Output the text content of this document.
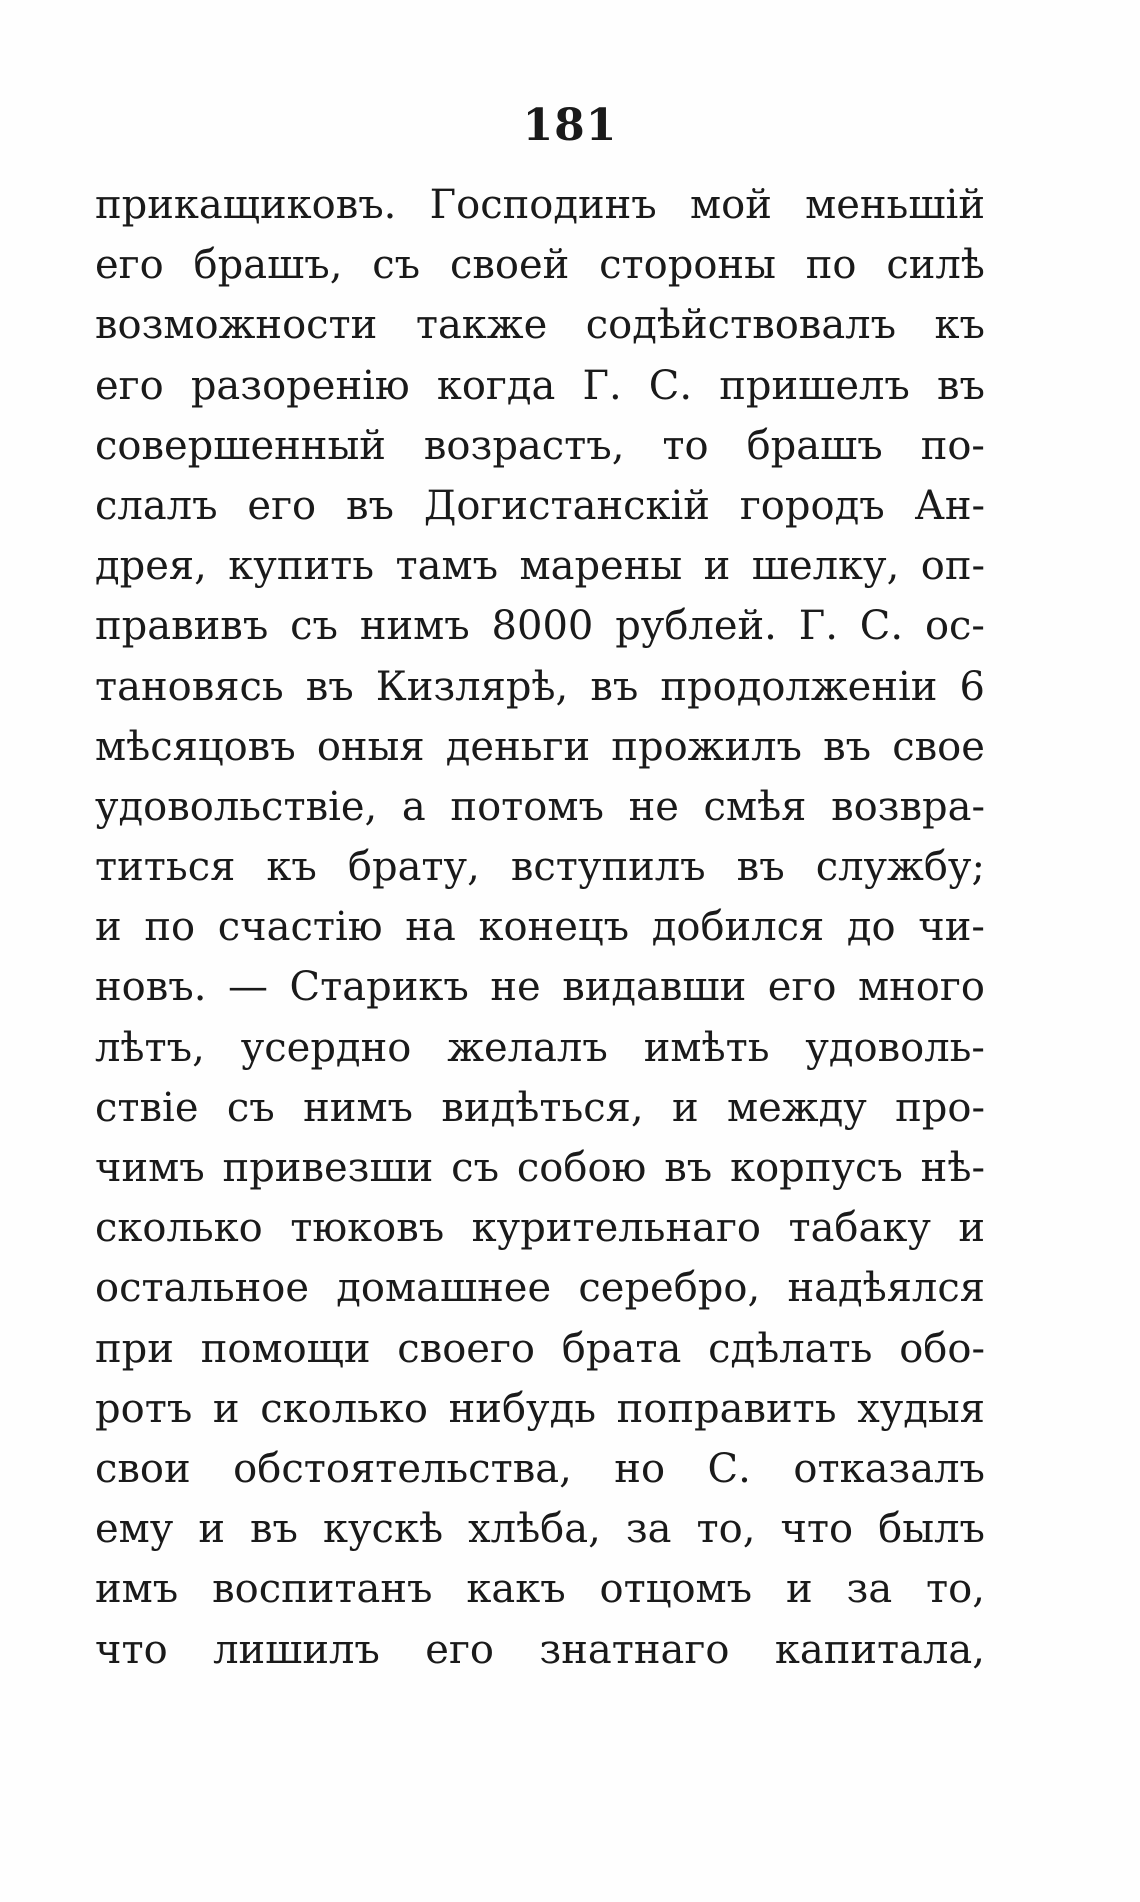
181
прикащиковъ. Господинъ мой меньшій
его брашъ, съ своей стороны по силѣ
возможности также содѣйствовалъ къ
его разоренію когда Г. С. пришелъ въ
совершенный возрастъ, то брашъ по-
слалъ его въ Догистанскій городъ Ан-
дрея, купить тамъ марены и шелку, оп-
правивъ съ нимъ 8000 рублей. Г. С. ос-
тановясь въ Кизлярѣ, въ продолженіи 6
мѣсяцовъ оныя деньги прожилъ въ свое
удовольствіе, а потомъ не смѣя возвра-
титься къ брату, вступилъ въ службу;
и по счастію на конецъ добился до чи-
новъ. — Старикъ не видавши его много
лѣтъ, усердно желалъ имѣть удоволь-
ствіе съ нимъ видѣться, и между про-
чимъ привезши съ собою въ корпусъ нѣ-
сколько тюковъ курительнаго табаку и
остальное домашнее серебро, надѣялся
при помощи своего брата сдѣлать обо-
ротъ и сколько нибудь поправить худыя
свои обстоятельства, но С. отказалъ
ему и въ кускѣ хлѣба, за то, что былъ
имъ воспитанъ какъ отцомъ и за то,
что лишилъ его знатнаго капитала,
